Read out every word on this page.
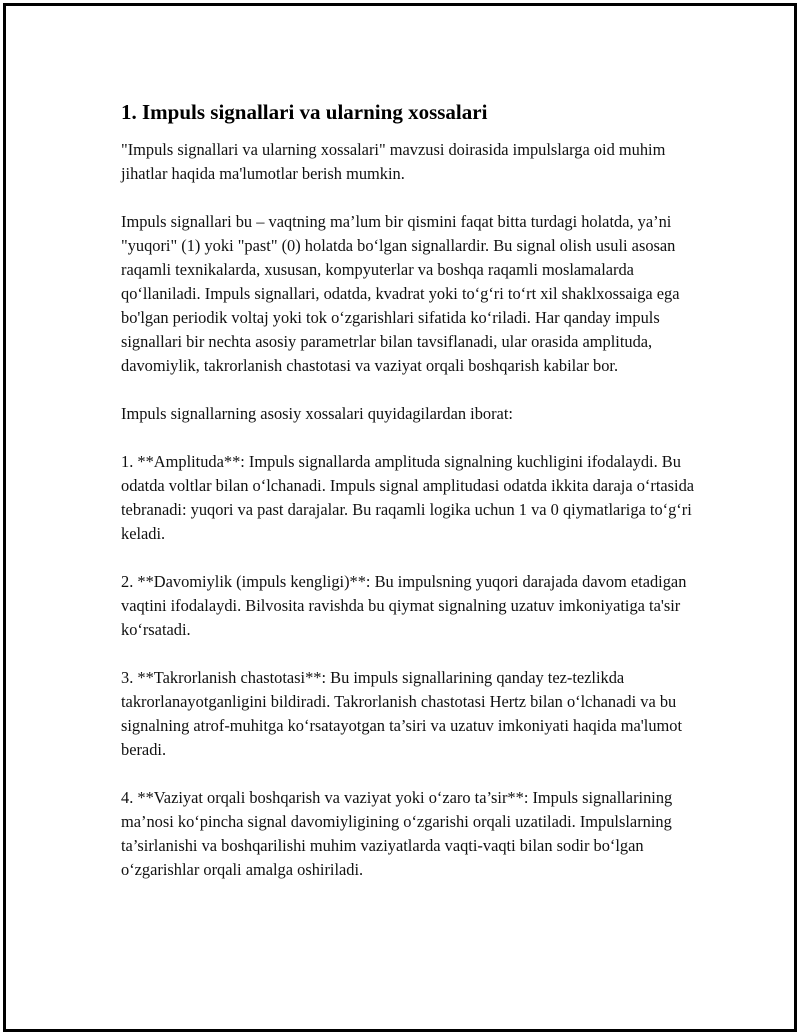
1. Impuls signallari va ularning xossalari

"Impuls signallari va ularning xossalari" mavzusi doirasida impulslarga oid muhim jihatlar haqida ma'lumotlar berish mumkin.

Impuls signallari bu – vaqtning ma’lum bir qismini faqat bitta turdagi holatda, ya’ni "yuqori" (1) yoki "past" (0) holatda bo‘lgan signallardir. Bu signal olish usuli asosan raqamli texnikalarda, xususan, kompyuterlar va boshqa raqamli moslamalarda qo‘llaniladi. Impuls signallari, odatda, kvadrat yoki to‘g‘ri to‘rt xil shaklxossaiga ega bo'lgan periodik voltaj yoki tok o‘zgarishlari sifatida ko‘riladi. Har qanday impuls signallari bir nechta asosiy parametrlar bilan tavsiflanadi, ular orasida amplituda, davomiylik, takrorlanish chastotasi va vaziyat orqali boshqarish kabilar bor.

Impuls signallarning asosiy xossalari quyidagilardan iborat:

1. **Amplituda**: Impuls signallarda amplituda signalning kuchligini ifodalaydi. Bu odatda voltlar bilan o‘lchanadi. Impuls signal amplitudasi odatda ikkita daraja o‘rtasida tebranadi: yuqori va past darajalar. Bu raqamli logika uchun 1 va 0 qiymatlariga to‘g‘ri keladi.

2. **Davomiylik (impuls kengligi)**: Bu impulsning yuqori darajada davom etadigan vaqtini ifodalaydi. Bilvosita ravishda bu qiymat signalning uzatuv imkoniyatiga ta'sir ko‘rsatadi.

3. **Takrorlanish chastotasi**: Bu impuls signallarining qanday tez-tezlikda takrorlanayotganligini bildiradi. Takrorlanish chastotasi Hertz bilan o‘lchanadi va bu signalning atrof-muhitga ko‘rsatayotgan ta’siri va uzatuv imkoniyati haqida ma'lumot beradi.

4. **Vaziyat orqali boshqarish va vaziyat yoki o‘zaro ta’sir**: Impuls signallarining ma’nosi ko‘pincha signal davomiyligining o‘zgarishi orqali uzatiladi. Impulslarning ta’sirlanishi va boshqarilishi muhim vaziyatlarda vaqti-vaqti bilan sodir bo‘lgan o‘zgarishlar orqali amalga oshiriladi.
